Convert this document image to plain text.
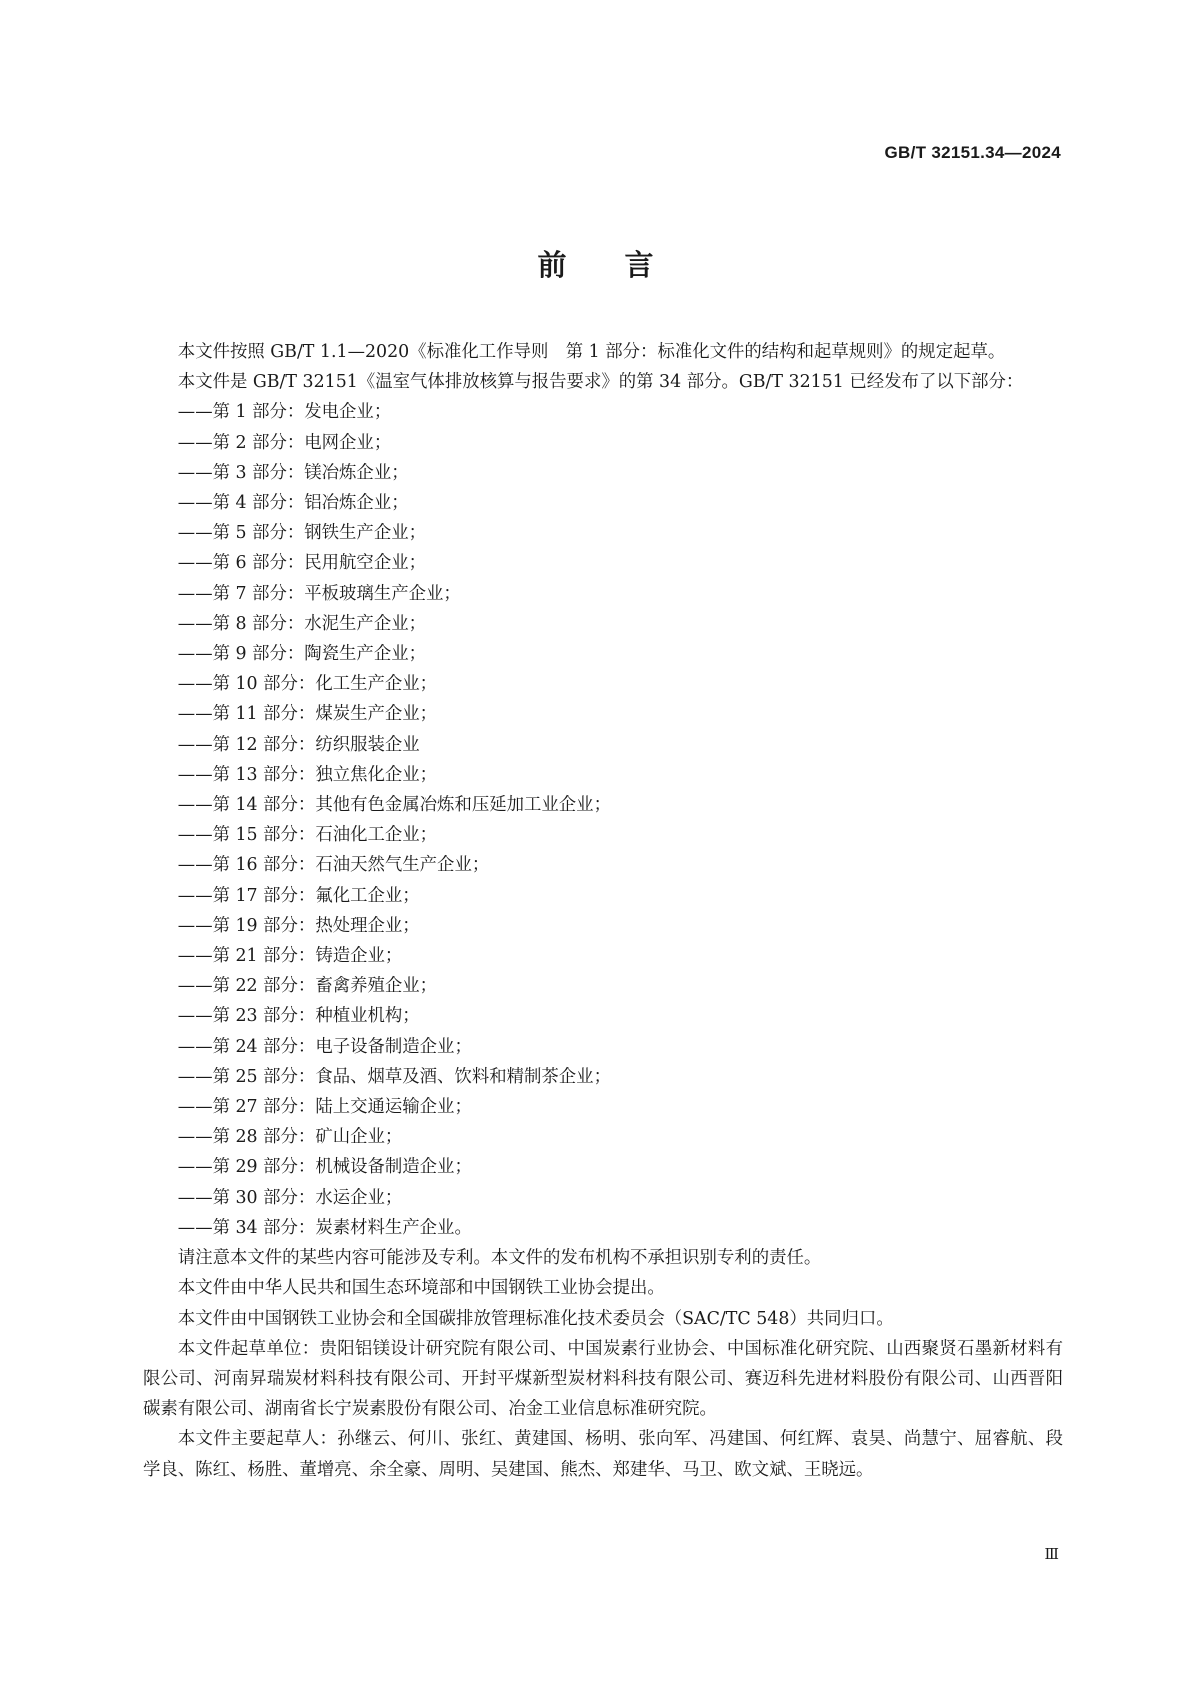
GB/T 32151.34—2024
前言

本文件按照 GB/T 1.1—2020《标准化工作导则　第 1 部分：标准化文件的结构和起草规则》的规定起草。

本文件是 GB/T 32151《温室气体排放核算与报告要求》的第 34 部分。GB/T 32151 已经发布了以下部分：

——第 1 部分：发电企业；
——第 2 部分：电网企业；
——第 3 部分：镁冶炼企业；
——第 4 部分：铝冶炼企业；
——第 5 部分：钢铁生产企业；
——第 6 部分：民用航空企业；
——第 7 部分：平板玻璃生产企业；
——第 8 部分：水泥生产企业；
——第 9 部分：陶瓷生产企业；
——第 10 部分：化工生产企业；
——第 11 部分：煤炭生产企业；
——第 12 部分：纺织服装企业
——第 13 部分：独立焦化企业；
——第 14 部分：其他有色金属冶炼和压延加工业企业；
——第 15 部分：石油化工企业；
——第 16 部分：石油天然气生产企业；
——第 17 部分：氟化工企业；
——第 19 部分：热处理企业；
——第 21 部分：铸造企业；
——第 22 部分：畜禽养殖企业；
——第 23 部分：种植业机构；
——第 24 部分：电子设备制造企业；
——第 25 部分：食品、烟草及酒、饮料和精制茶企业；
——第 27 部分：陆上交通运输企业；
——第 28 部分：矿山企业；
——第 29 部分：机械设备制造企业；
——第 30 部分：水运企业；
——第 34 部分：炭素材料生产企业。

请注意本文件的某些内容可能涉及专利。本文件的发布机构不承担识别专利的责任。

本文件由中华人民共和国生态环境部和中国钢铁工业协会提出。

本文件由中国钢铁工业协会和全国碳排放管理标准化技术委员会（SAC/TC 548）共同归口。

本文件起草单位：贵阳铝镁设计研究院有限公司、中国炭素行业协会、中国标准化研究院、山西聚贤石墨新材料有限公司、河南昇瑞炭材料科技有限公司、开封平煤新型炭材料科技有限公司、赛迈科先进材料股份有限公司、山西晋阳碳素有限公司、湖南省长宁炭素股份有限公司、冶金工业信息标准研究院。

本文件主要起草人：孙继云、何川、张红、黄建国、杨明、张向军、冯建国、何红辉、袁昊、尚慧宁、屈睿航、段学良、陈红、杨胜、董增亮、余全豪、周明、吴建国、熊杰、郑建华、马卫、欧文斌、王晓远。

Ⅲ
